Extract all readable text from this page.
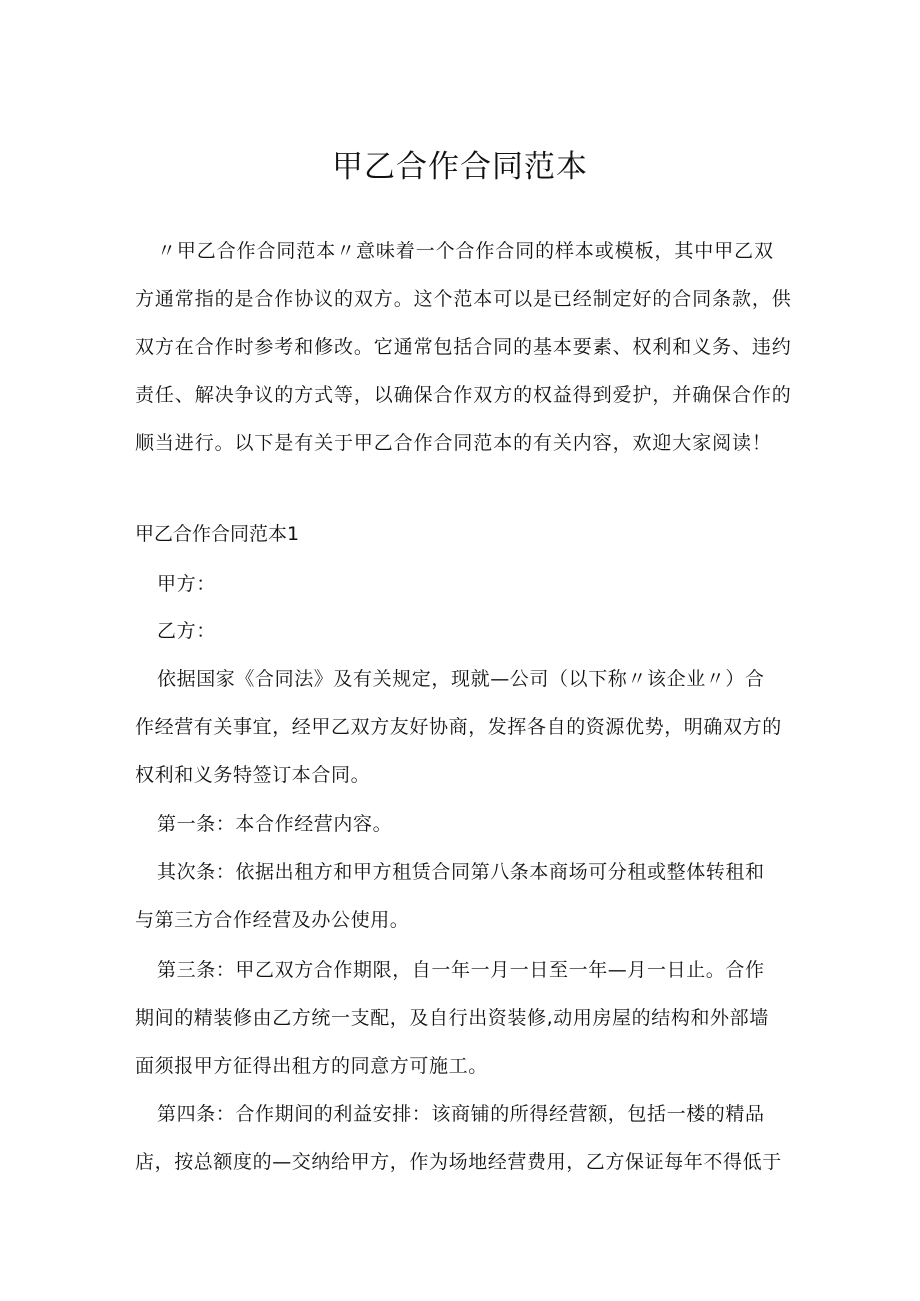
甲乙合作合同范本
〃甲乙合作合同范本〃意味着一个合作合同的样本或模板，其中甲乙双
方通常指的是合作协议的双方。这个范本可以是已经制定好的合同条款，供
双方在合作时参考和修改。它通常包括合同的基本要素、权利和义务、违约
责任、解决争议的方式等，以确保合作双方的权益得到爱护，并确保合作的
顺当进行。以下是有关于甲乙合作合同范本的有关内容，欢迎大家阅读！
甲乙合作合同范本1
甲方：
乙方：
依据国家《合同法》及有关规定，现就—公司（以下称〃该企业〃）合
作经营有关事宜，经甲乙双方友好协商，发挥各自的资源优势，明确双方的
权利和义务特签订本合同。
第一条：本合作经营内容。
其次条：依据出租方和甲方租赁合同第八条本商场可分租或整体转租和
与第三方合作经营及办公使用。
第三条：甲乙双方合作期限，自一年一月一日至一年—月一日止。合作
期间的精装修由乙方统一支配，及自行出资装修,动用房屋的结构和外部墙
面须报甲方征得出租方的同意方可施工。
第四条：合作期间的利益安排：该商铺的所得经营额，包括一楼的精品
店，按总额度的—交纳给甲方，作为场地经营费用，乙方保证每年不得低于
